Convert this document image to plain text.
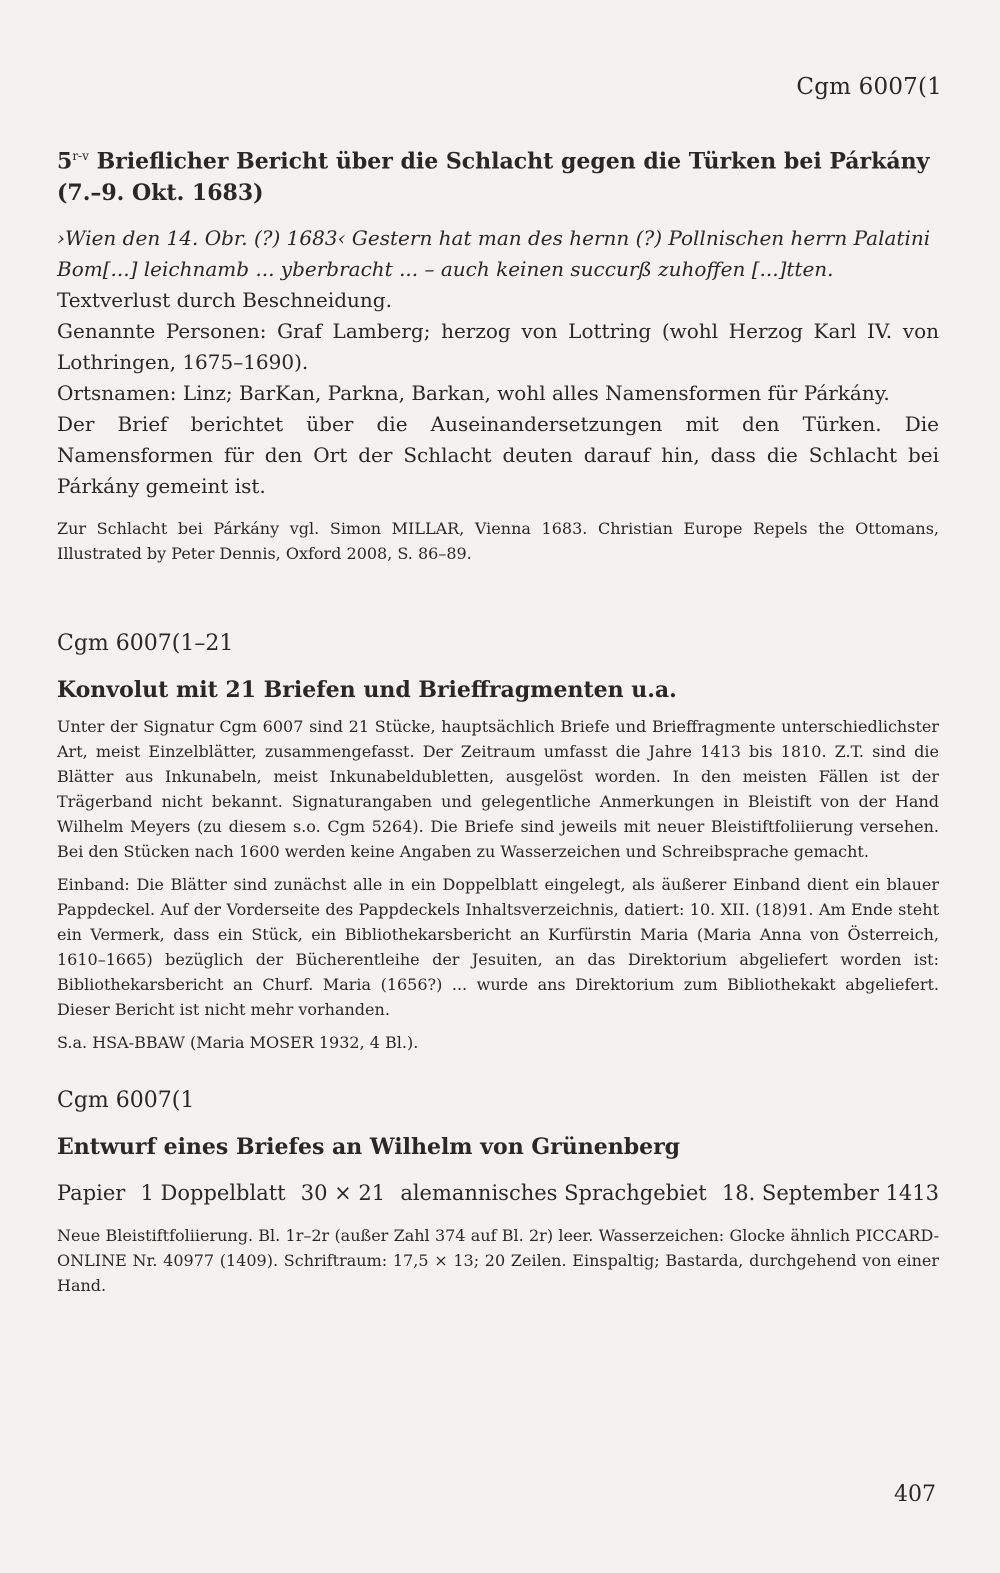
Cgm 6007(1

5$^{r-v}$ Brieflicher Bericht über die Schlacht gegen die Türken bei Párkány (7.–9. Okt. 1683)

›Wien den 14. Obr. (?) 1683‹ Gestern hat man des hernn (?) Pollnischen herrn Palatini

Bom[...] leichnamb ... yberbracht ... – auch keinen succurß zuhoffen [...]tten.

Textverlust durch Beschneidung.

Genannte Personen: Graf Lamberg; herzog von Lottring (wohl Herzog Karl IV. von Lothringen, 1675–1690).

Ortsnamen: Linz; BarKan, Parkna, Barkan, wohl alles Namensformen für Párkány.

Der Brief berichtet über die Auseinandersetzungen mit den Türken. Die Namensformen für den Ort der Schlacht deuten darauf hin, dass die Schlacht bei Párkány gemeint ist.

Zur Schlacht bei Párkány vgl. Simon MILLAR, Vienna 1683. Christian Europe Repels the Ottomans, Illustrated by Peter Dennis, Oxford 2008, S. 86–89.

Cgm 6007(1–21

Konvolut mit 21 Briefen und Brieffragmenten u.a.

Unter der Signatur Cgm 6007 sind 21 Stücke, hauptsächlich Briefe und Brieffragmente unterschiedlichster Art, meist Einzelblätter, zusammengefasst. Der Zeitraum umfasst die Jahre 1413 bis 1810. Z.T. sind die Blätter aus Inkunabeln, meist Inkunabeldubletten, ausgelöst worden. In den meisten Fällen ist der Trägerband nicht bekannt. Signaturangaben und gelegentliche Anmerkungen in Bleistift von der Hand Wilhelm Meyers (zu diesem s.o. Cgm 5264). Die Briefe sind jeweils mit neuer Bleistiftfoliierung versehen. Bei den Stücken nach 1600 werden keine Angaben zu Wasserzeichen und Schreibsprache gemacht.

Einband: Die Blätter sind zunächst alle in ein Doppelblatt eingelegt, als äußerer Einband dient ein blauer Pappdeckel. Auf der Vorderseite des Pappdeckels Inhaltsverzeichnis, datiert: 10. XII. (18)91. Am Ende steht ein Vermerk, dass ein Stück, ein Bibliothekarsbericht an Kurfürstin Maria (Maria Anna von Österreich, 1610–1665) bezüglich der Bücherentleihe der Jesuiten, an das Direktorium abgeliefert worden ist: Bibliothekarsbericht an Churf. Maria (1656?) ... wurde ans Direktorium zum Bibliothekakt abgeliefert. Dieser Bericht ist nicht mehr vorhanden.

S.a. HSA-BBAW (Maria MOSER 1932, 4 Bl.).

Cgm 6007(1

Entwurf eines Briefes an Wilhelm von Grünenberg

Papier 1 Doppelblatt 30 × 21 alemannisches Sprachgebiet 18. September 1413

Neue Bleistiftfoliierung. Bl. 1r–2r (außer Zahl 374 auf Bl. 2r) leer. Wasserzeichen: Glocke ähnlich PICCARD-ONLINE Nr. 40977 (1409). Schriftraum: 17,5 × 13; 20 Zeilen. Einspaltig; Bastarda, durchgehend von einer Hand.

407
